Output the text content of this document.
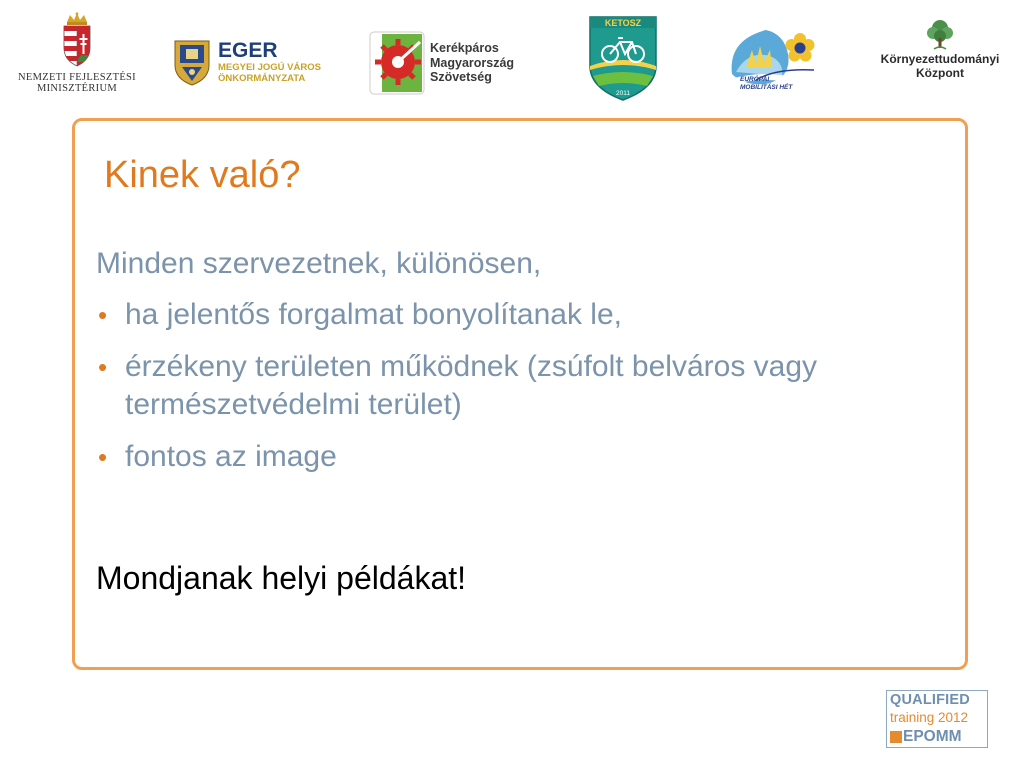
NEMZETI FEJLESZTÉSI MINISZTÉRIUM
EGER
MEGYEI JOGÚ VÁROS
ÖNKORMÁNYZATA
Kerékpáros
Magyarország
Szövetség
KETOSZ
2011
EURÓPAI
MOBILITÁSI HÉT
Környezettudományi
Központ
Kinek való?

Minden szervezetnek, különösen,

• ha jelentős forgalmat bonyolítanak le,
• érzékeny területen működnek (zsúfolt belváros vagy természetvédelmi terület)
• fontos az image

Mondjanak helyi példákat!

QUALIFIED
training 2012
EPOMM
